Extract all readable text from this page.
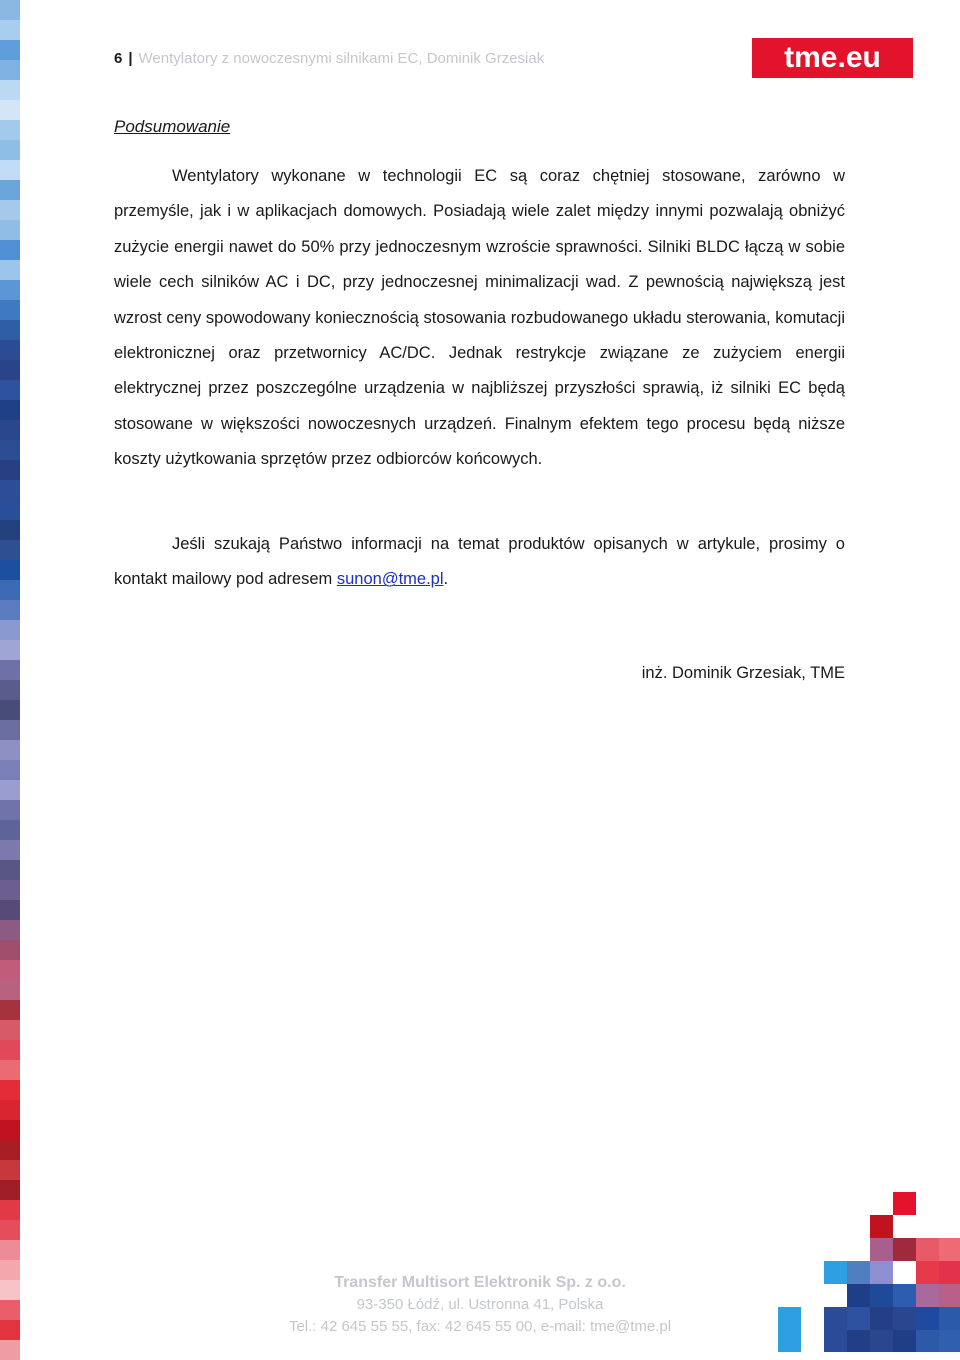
6 | Wentylatory z nowoczesnymi silnikami EC, Dominik Grzesiak	tme.eu
Podsumowanie
Wentylatory wykonane w technologii EC są coraz chętniej stosowane, zarówno w przemyśle, jak i w aplikacjach domowych. Posiadają wiele zalet między innymi pozwalają obniżyć zużycie energii nawet do 50% przy jednoczesnym wzroście sprawności. Silniki BLDC łączą w sobie wiele cech silników AC i DC, przy jednoczesnej minimalizacji wad. Z pewnością największą jest wzrost ceny spowodowany koniecznością stosowania rozbudowanego układu sterowania, komutacji elektronicznej oraz przetwornicy AC/DC. Jednak restrykcje związane ze zużyciem energii elektrycznej przez poszczególne urządzenia w najbliższej przyszłości sprawią, iż silniki EC będą stosowane w większości nowoczesnych urządzeń. Finalnym efektem tego procesu będą niższe koszty użytkowania sprzętów przez odbiorców końcowych.
Jeśli szukają Państwo informacji na temat produktów opisanych w artykule, prosimy o kontakt mailowy pod adresem sunon@tme.pl.
inż. Dominik Grzesiak, TME
Transfer Multisort Elektronik Sp. z o.o.
93-350 Łódź, ul. Ustronna 41, Polska
Tel.: 42 645 55 55, fax: 42 645 55 00, e-mail: tme@tme.pl
